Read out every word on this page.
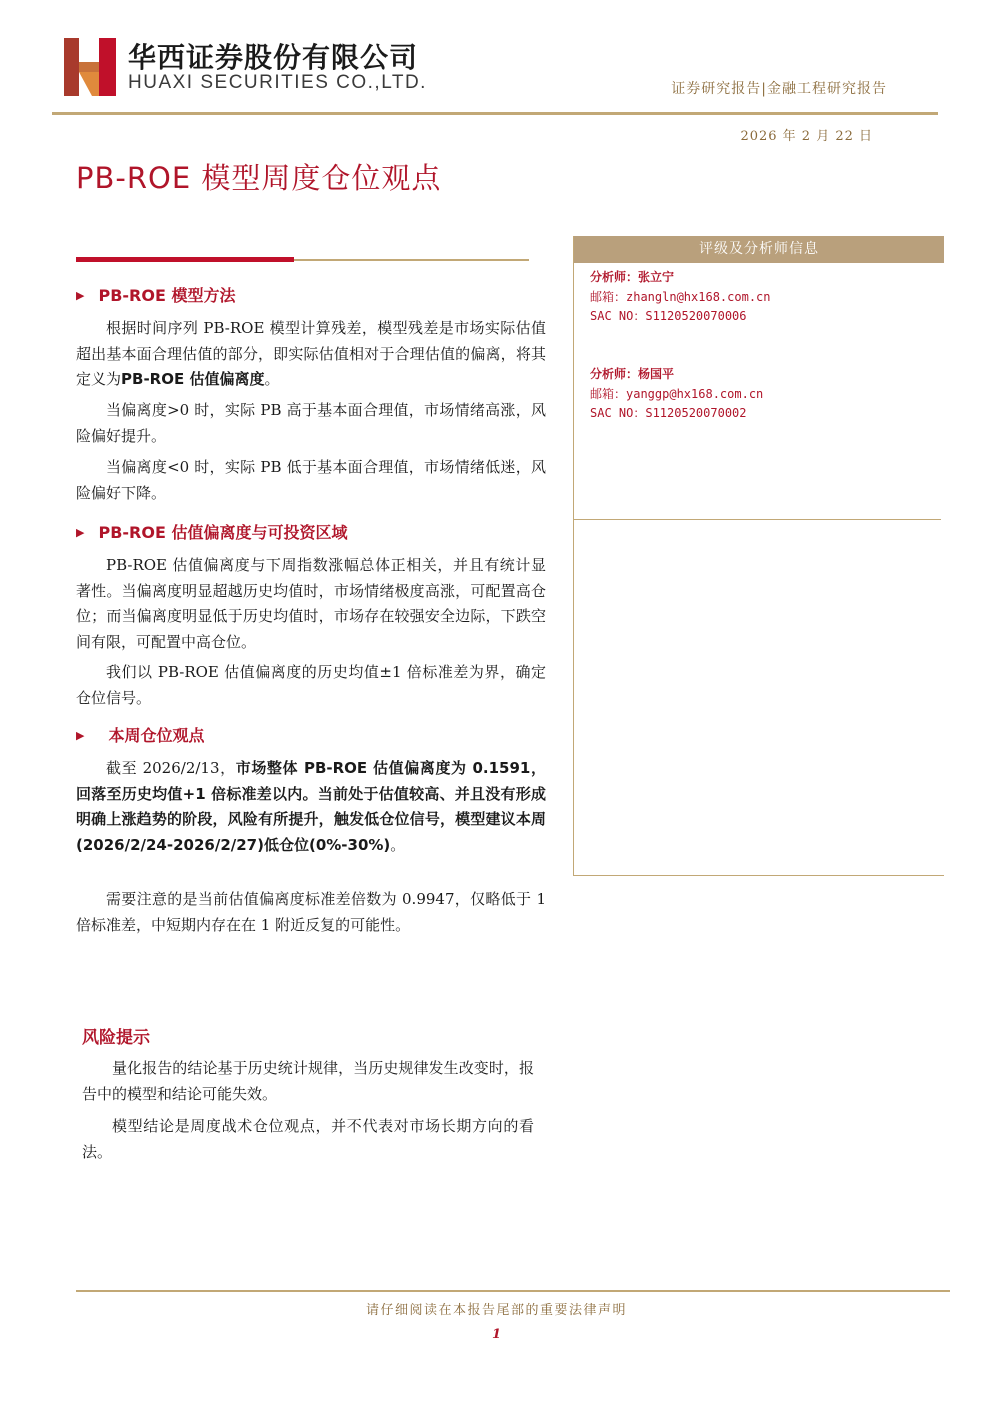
华西证券股份有限公司
HUAXI SECURITIES CO.,LTD.	证券研究报告|金融工程研究报告
2026 年 2 月 22 日
PB-ROE 模型周度仓位观点
▶ PB-ROE 模型方法
根据时间序列 PB-ROE 模型计算残差，模型残差是市场实际估值超出基本面合理估值的部分，即实际估值相对于合理估值的偏离，将其定义为PB-ROE 估值偏离度。
当偏离度>0 时，实际 PB 高于基本面合理值，市场情绪高涨，风险偏好提升。
当偏离度<0 时，实际 PB 低于基本面合理值，市场情绪低迷，风险偏好下降。
▶ PB-ROE 估值偏离度与可投资区域
PB-ROE 估值偏离度与下周指数涨幅总体正相关，并且有统计显著性。当偏离度明显超越历史均值时，市场情绪极度高涨，可配置高仓位；而当偏离度明显低于历史均值时，市场存在较强安全边际，下跌空间有限，可配置中高仓位。
我们以 PB-ROE 估值偏离度的历史均值±1 倍标准差为界，确定仓位信号。
▶ 本周仓位观点
截至 2026/2/13，市场整体 PB-ROE 估值偏离度为 0.1591，回落至历史均值+1 倍标准差以内。当前处于估值较高、并且没有形成明确上涨趋势的阶段，风险有所提升，触发低仓位信号，模型建议本周(2026/2/24-2026/2/27)低仓位(0%-30%)。
需要注意的是当前估值偏离度标准差倍数为 0.9947，仅略低于 1 倍标准差，中短期内存在在 1 附近反复的可能性。
评级及分析师信息
分析师：张立宁
邮箱：zhangln@hx168.com.cn
SAC NO：S1120520070006
分析师：杨国平
邮箱：yanggp@hx168.com.cn
SAC NO：S1120520070002
风险提示
量化报告的结论基于历史统计规律，当历史规律发生改变时，报告中的模型和结论可能失效。
模型结论是周度战术仓位观点，并不代表对市场长期方向的看法。
请仔细阅读在本报告尾部的重要法律声明
1
